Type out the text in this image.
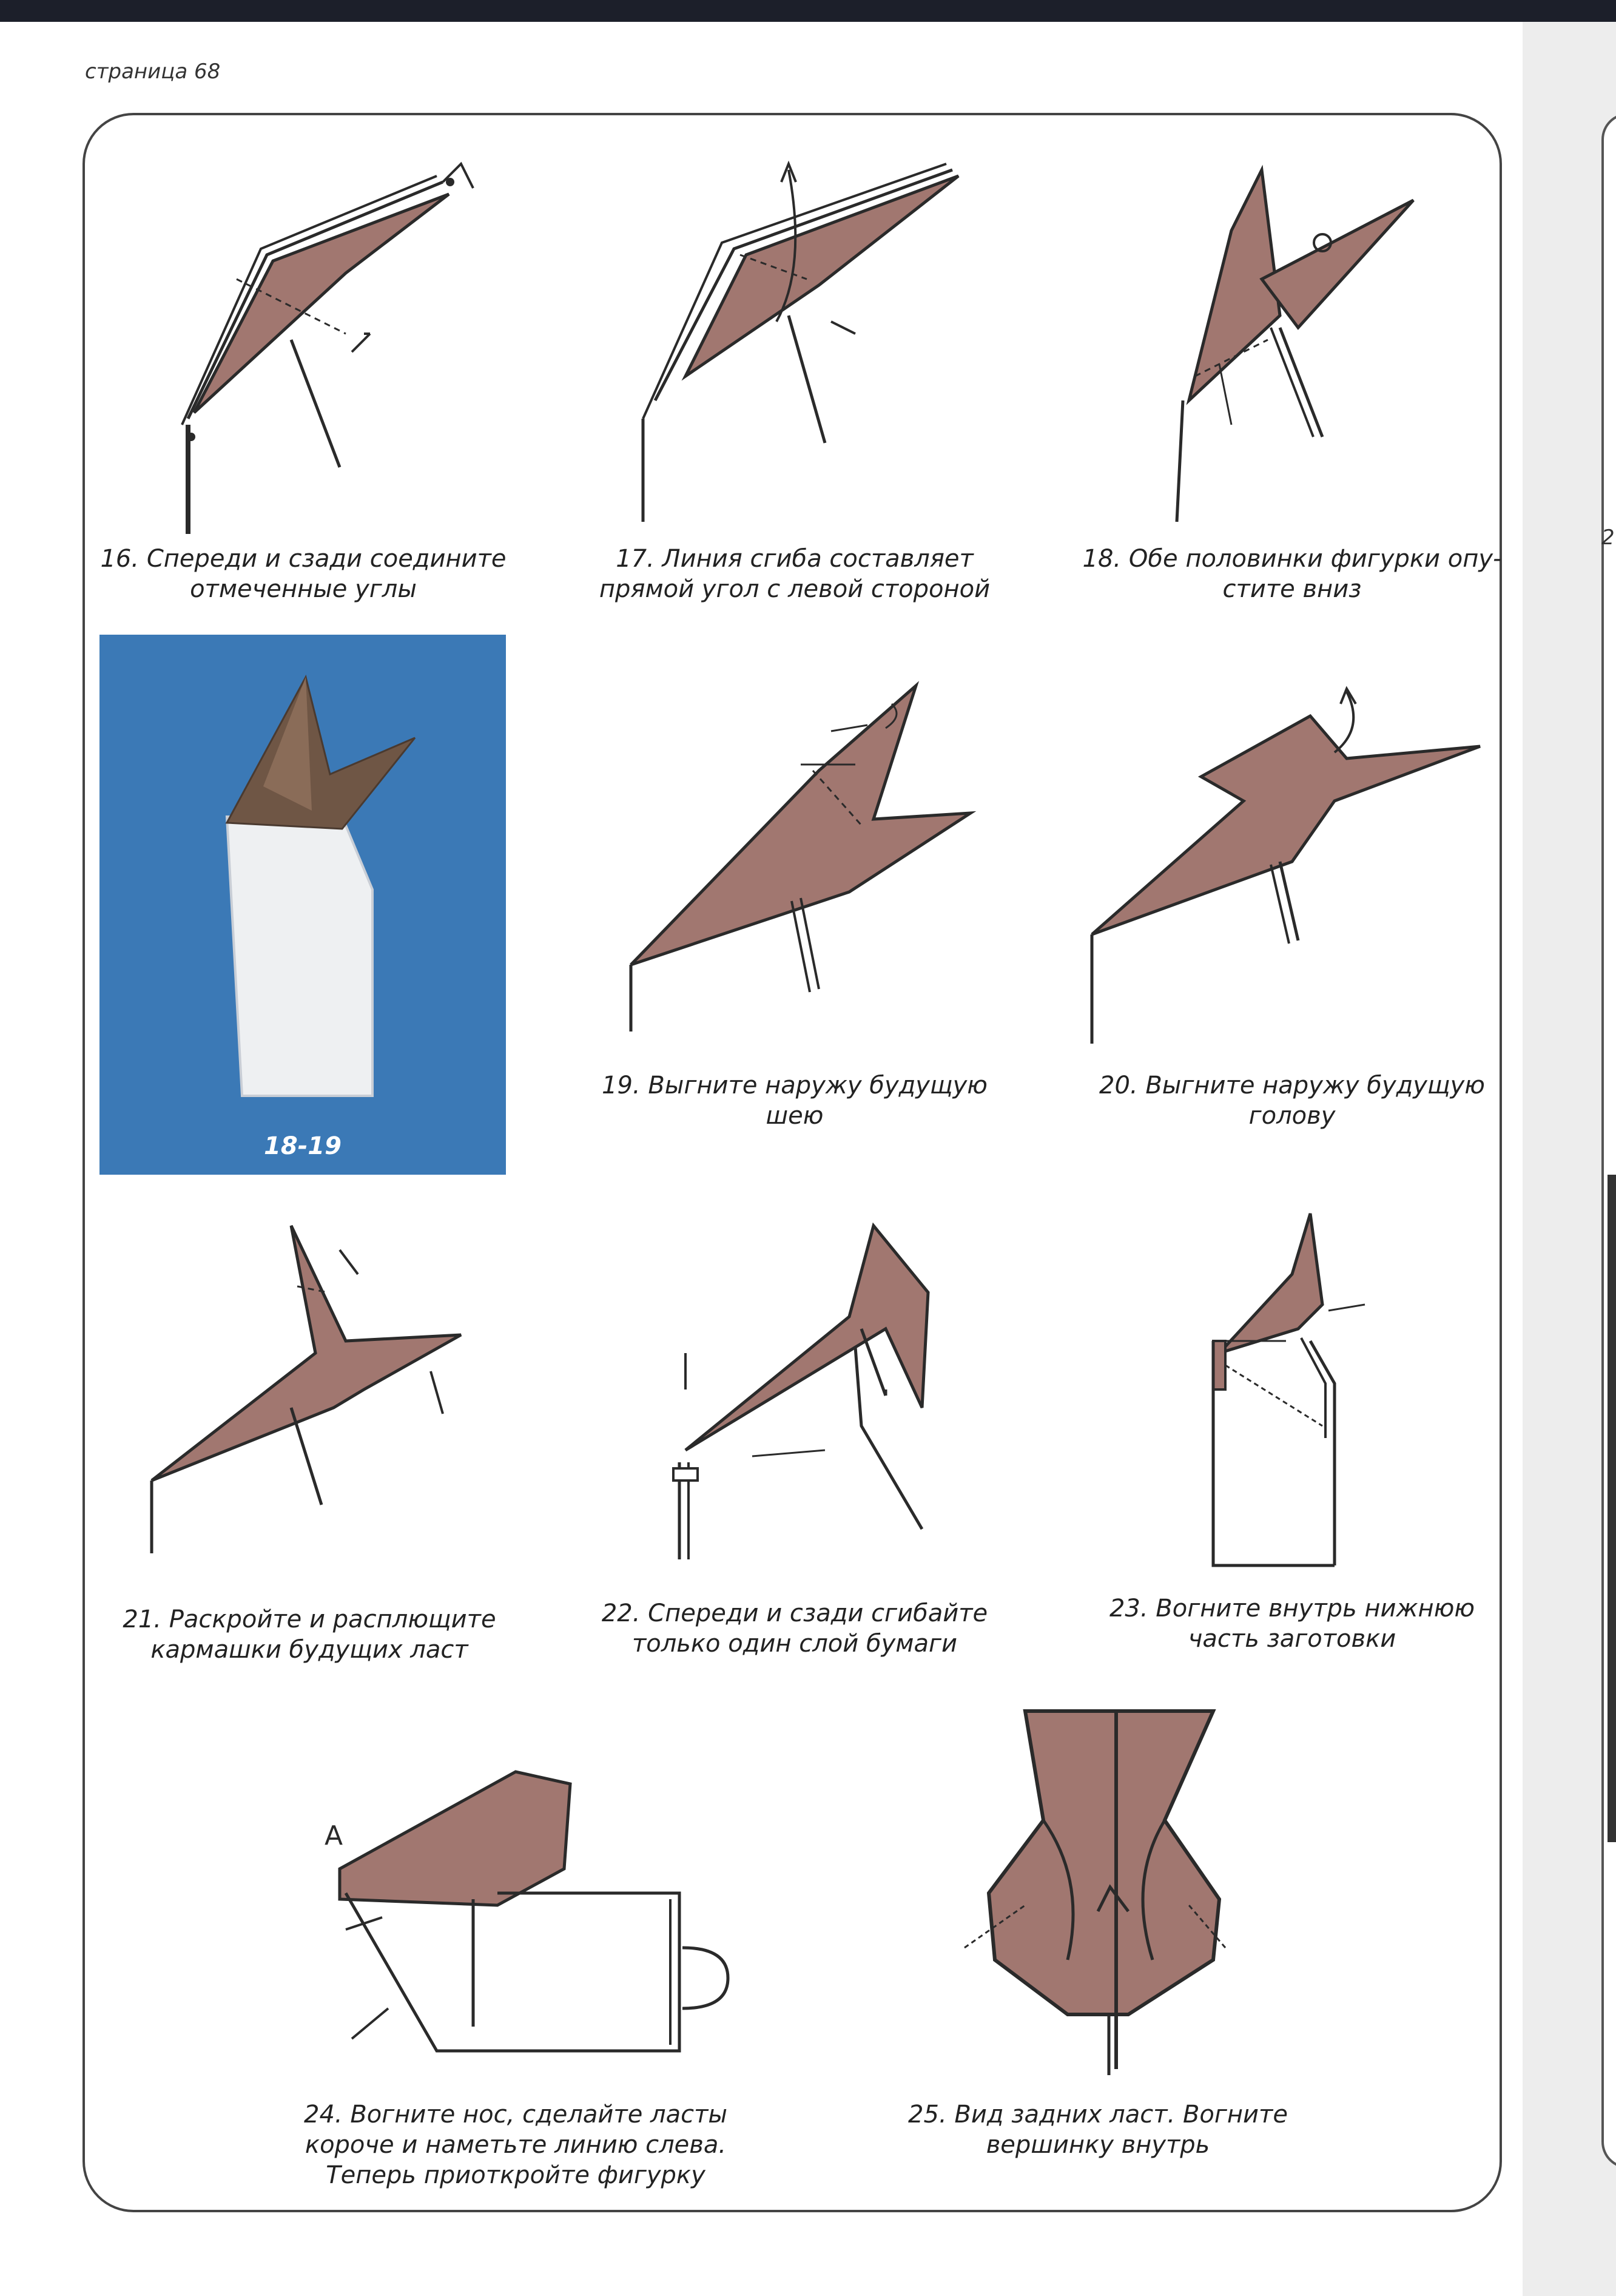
2
страница 68
16. Спереди и сзади соедините
отмеченные углы
17. Линия сгиба составляет
прямой угол с левой стороной
18. Обе половинки фигурки опу-
стите вниз
18-19
19. Выгните наружу будущую
шею
20. Выгните наружу будущую
голову
21. Раскройте и расплющите
кармашки будущих ласт
22. Спереди и сзади сгибайте
только один слой бумаги
23. Вогните внутрь нижнюю
часть заготовки
A
24. Вогните нос, сделайте ласты
короче и наметьте линию слева.
Теперь приоткройте фигурку
25. Вид задних ласт. Вогните
вершинку внутрь
